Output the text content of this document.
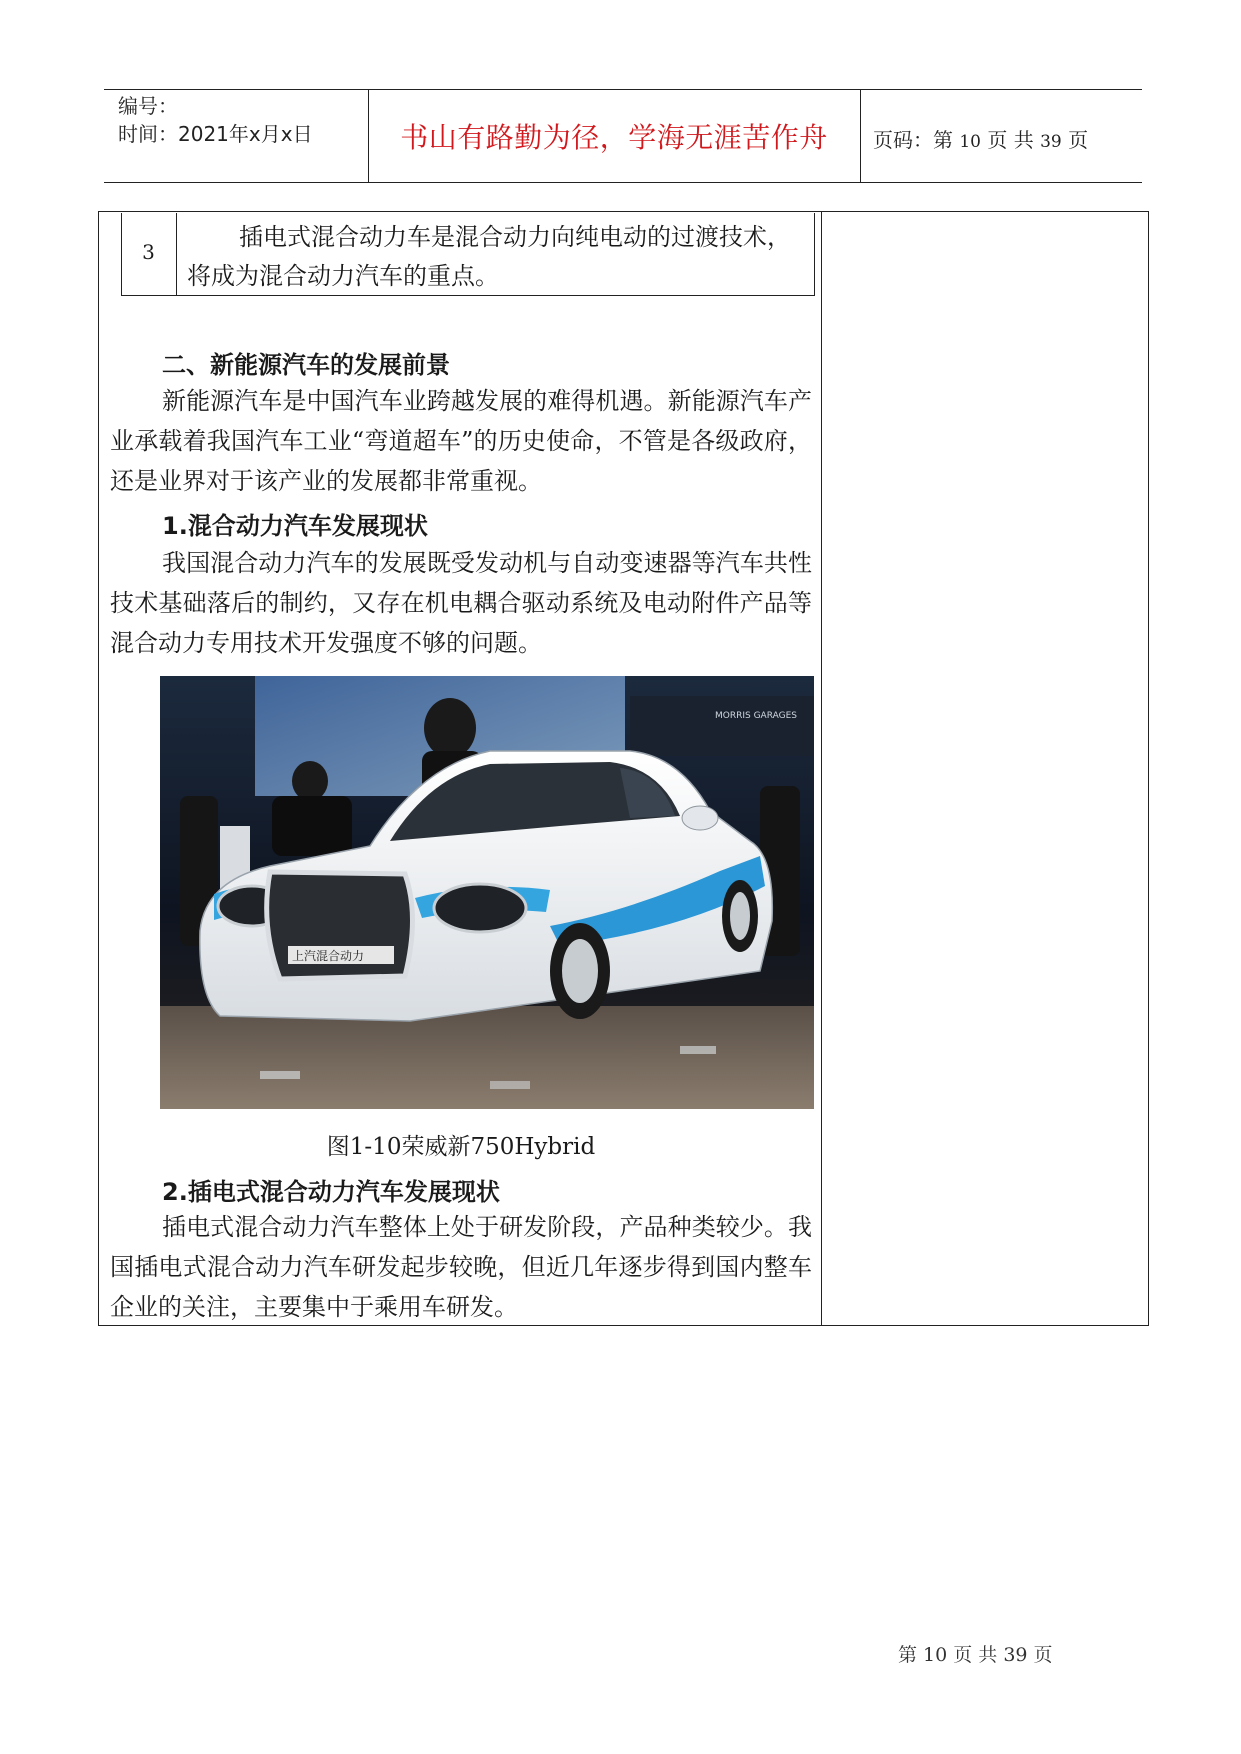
编号：
时间：2021年x月x日	书山有路勤为径，学海无涯苦作舟	页码：第 10 页 共 39 页
3
插电式混合动力车是混合动力向纯电动的过渡技术，将成为混合动力汽车的重点。
二、新能源汽车的发展前景
新能源汽车是中国汽车业跨越发展的难得机遇。新能源汽车产业承载着我国汽车工业“弯道超车”的历史使命，不管是各级政府，还是业界对于该产业的发展都非常重视。
1.混合动力汽车发展现状
我国混合动力汽车的发展既受发动机与自动变速器等汽车共性技术基础落后的制约，又存在机电耦合驱动系统及电动附件产品等混合动力专用技术开发强度不够的问题。
MORRIS GARAGES
上汽混合动力
图1-10荣威新750Hybrid
2.插电式混合动力汽车发展现状
插电式混合动力汽车整体上处于研发阶段，产品种类较少。我国插电式混合动力汽车研发起步较晚，但近几年逐步得到国内整车企业的关注，主要集中于乘用车研发。
第 10 页 共 39 页
